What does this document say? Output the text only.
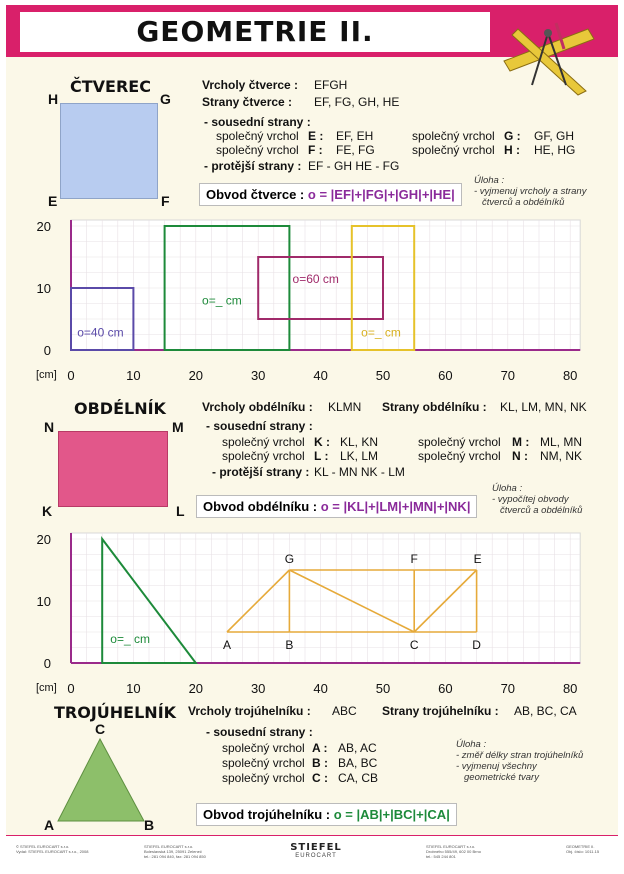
GEOMETRIE II.
ČTVEREC
H	G
E	F
Vrcholy čtverce : EFGH
Strany čtverce : EF, FG, GH, HE
- sousední strany :
společný vrchol E : EF, EH
společný vrchol F : FE, FG
společný vrchol G : GF, GH
společný vrchol H : HE, HG
- protější strany : EF - GH HE - FG
Obvod čtverce : o = |EF|+|FG|+|GH|+|HE|
Úloha :
- vyjmenuj vrcholy a strany
čtverců a obdélníků
0	10	20	30	40	50	60	70	80
0
10
20
[cm]
o=40 cm
o=_ cm
o=60 cm
o=_ cm
OBDÉLNÍK
N	M
K	L
Vrcholy obdélníku : KLMN Strany obdélníku : KL, LM, MN, NK
- sousední strany :
společný vrchol K : KL, KN
společný vrchol L : LK, LM
společný vrchol M : ML, MN
společný vrchol N : NM, NK
- protější strany : KL - MN NK - LM
Obvod obdélníku : o = |KL|+|LM|+|MN|+|NK|
Úloha :
- vypočítej obvody
čtverců a obdélníků
0	10	20	30	40	50	60	70	80
0
10
20
[cm]
o=_ cm	A	B	C	D
E
F
G
TROJÚHELNÍK
C
A	B
Vrcholy trojúhelníku : ABC Strany trojúhelníku : AB, BC, CA
- sousední strany :
společný vrchol A : AB, AC
společný vrchol B : BA, BC
společný vrchol C : CA, CB
Obvod trojúhelníku : o = |AB|+|BC|+|CA|
Úloha :
- změř délky stran trojúhelníků
- vyjmenuj všechny
geometrické tvary
© STIEFEL EUROCART s.r.o.
Vydal: STIEFEL EUROCART s.r.o., 2008
STIEFEL EUROCART s.r.o.
Boleslavská 139, 25091 Zeleneč
tel.: 281 094 840, fax: 281 094 850
STIEFEL
EUROCART
STIEFEL EUROCART s.r.o.
Drobného 555/49, 602 00 Brno
tel.: 545 244 801
GEOMETRIE II.
Obj. číslo: 1011.15
